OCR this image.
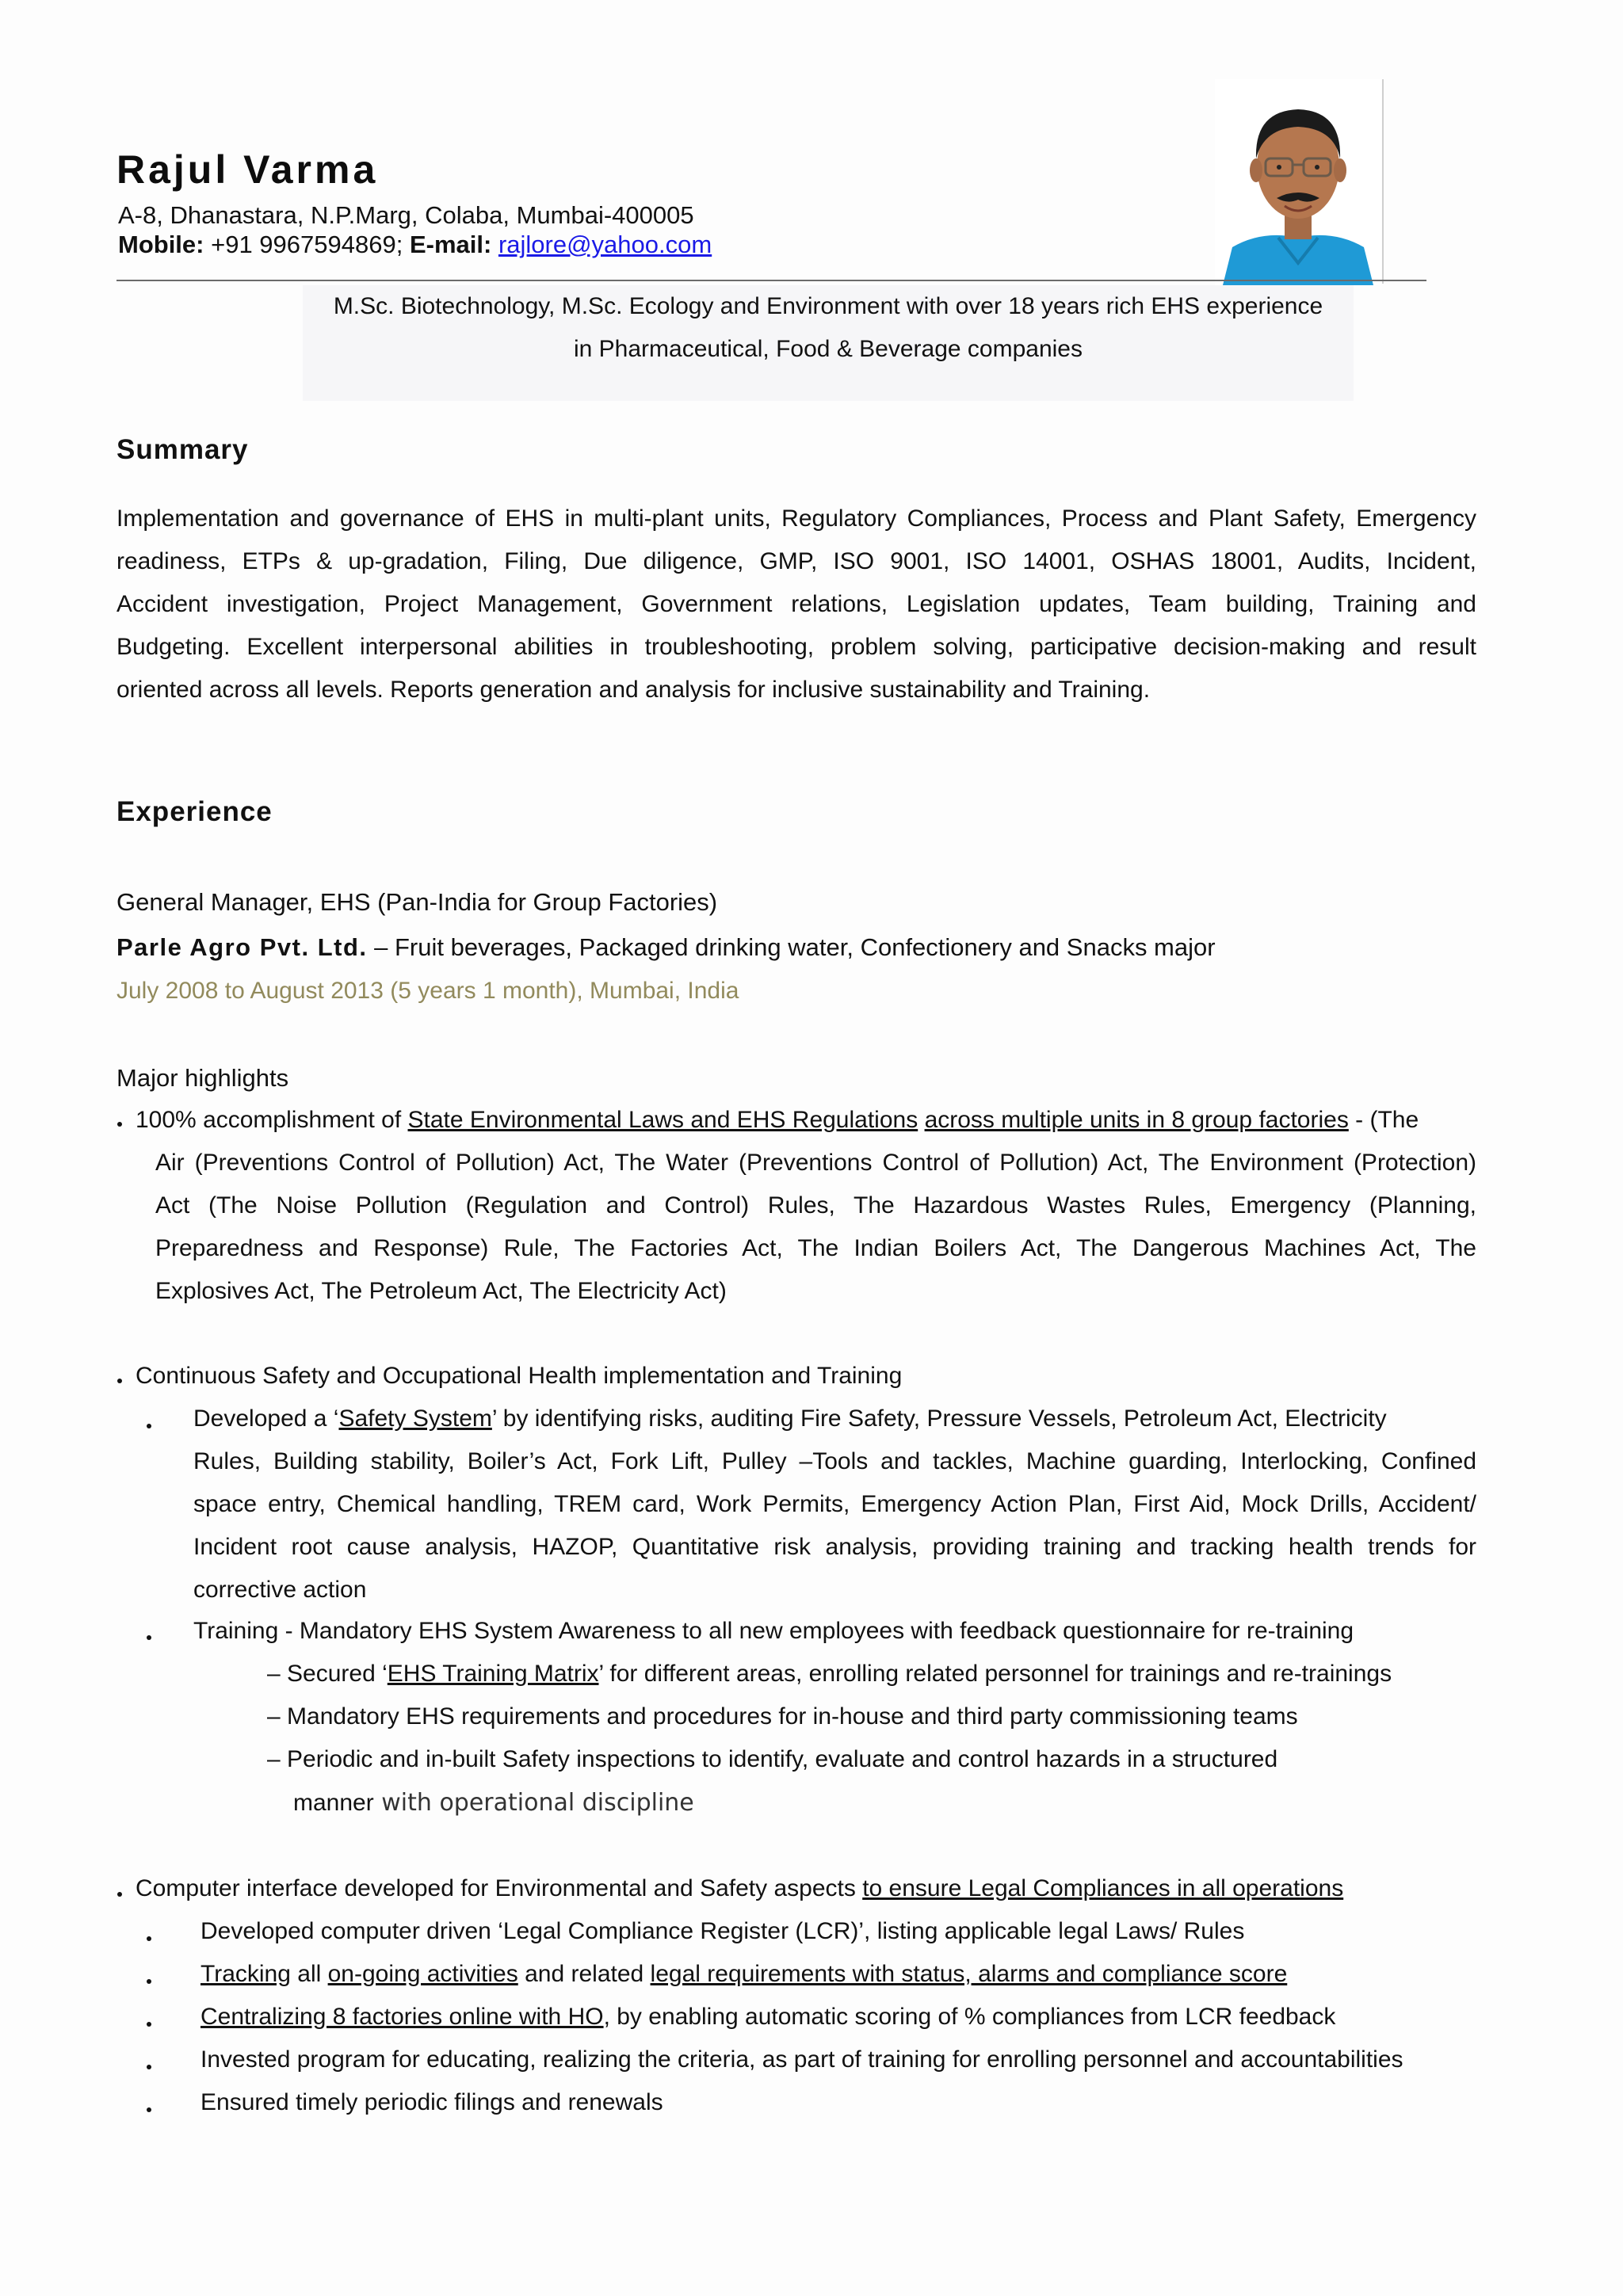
Rajul Varma
A-8, Dhanastara, N.P.Marg, Colaba, Mumbai-400005
Mobile: +91 9967594869; E-mail: rajlore@yahoo.com
M.Sc. Biotechnology, M.Sc. Ecology and Environment with over 18 years rich EHS experience
in Pharmaceutical, Food & Beverage companies
Summary
Implementation and governance of EHS in multi-plant units, Regulatory Compliances, Process and Plant Safety, Emergency
readiness, ETPs & up-gradation, Filing, Due diligence, GMP, ISO 9001, ISO 14001, OSHAS 18001, Audits, Incident,
Accident investigation, Project Management, Government relations, Legislation updates, Team building, Training and
Budgeting. Excellent interpersonal abilities in troubleshooting, problem solving, participative decision-making and result
oriented across all levels. Reports generation and analysis for inclusive sustainability and Training.
Experience
General Manager, EHS (Pan-India for Group Factories)
Parle Agro Pvt. Ltd. – Fruit beverages, Packaged drinking water, Confectionery and Snacks major
July 2008 to August 2013 (5 years 1 month), Mumbai, India
Major highlights
100% accomplishment of State Environmental Laws and EHS Regulations across multiple units in 8 group factories - (The
Air (Preventions Control of Pollution) Act, The Water (Preventions Control of Pollution) Act, The Environment (Protection)
Act (The Noise Pollution (Regulation and Control) Rules, The Hazardous Wastes Rules, Emergency (Planning,
Preparedness and Response) Rule, The Factories Act, The Indian Boilers Act, The Dangerous Machines Act, The
Explosives Act, The Petroleum Act, The Electricity Act)
Continuous Safety and Occupational Health implementation and Training
Developed a ‘Safety System’ by identifying risks, auditing Fire Safety, Pressure Vessels, Petroleum Act, Electricity
Rules, Building stability, Boiler’s Act, Fork Lift, Pulley –Tools and tackles, Machine guarding, Interlocking, Confined
space entry, Chemical handling, TREM card, Work Permits, Emergency Action Plan, First Aid, Mock Drills, Accident/
Incident root cause analysis, HAZOP, Quantitative risk analysis, providing training and tracking health trends for
corrective action
Training - Mandatory EHS System Awareness to all new employees with feedback questionnaire for re-training
– Secured ‘EHS Training Matrix’ for different areas, enrolling related personnel for trainings and re-trainings
– Mandatory EHS requirements and procedures for in-house and third party commissioning teams
– Periodic and in-built Safety inspections to identify, evaluate and control hazards in a structured
manner with operational discipline
Computer interface developed for Environmental and Safety aspects to ensure Legal Compliances in all operations
Developed computer driven ‘Legal Compliance Register (LCR)’, listing applicable legal Laws/ Rules
Tracking all on-going activities and related legal requirements with status, alarms and compliance score
Centralizing 8 factories online with HO, by enabling automatic scoring of % compliances from LCR feedback
Invested program for educating, realizing the criteria, as part of training for enrolling personnel and accountabilities
Ensured timely periodic filings and renewals
